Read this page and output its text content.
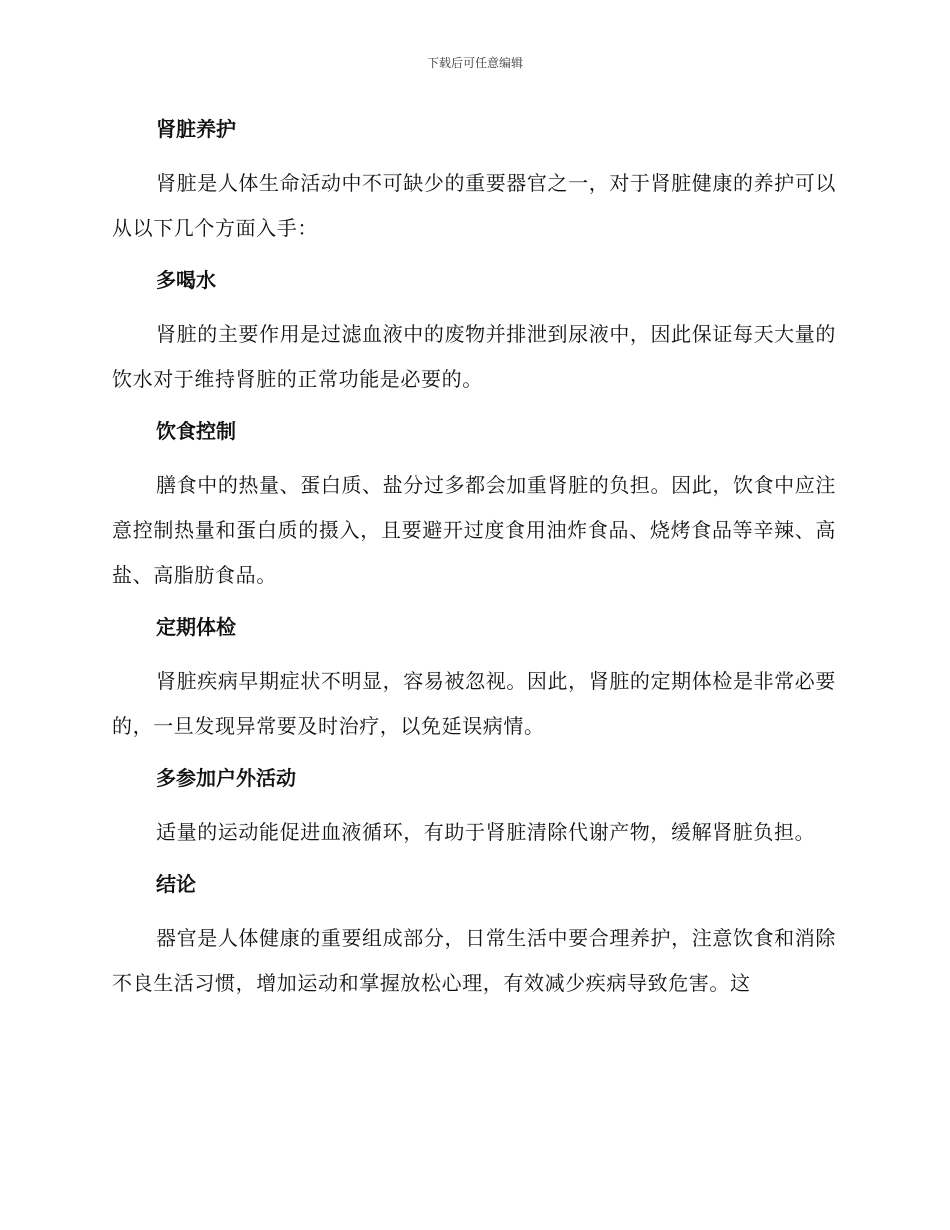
下载后可任意编辑
肾脏养护

肾脏是人体生命活动中不可缺少的重要器官之一，对于肾脏健康的养护可以从以下几个方面入手：

多喝水

肾脏的主要作用是过滤血液中的废物并排泄到尿液中，因此保证每天大量的饮水对于维持肾脏的正常功能是必要的。

饮食控制

膳食中的热量、蛋白质、盐分过多都会加重肾脏的负担。因此，饮食中应注意控制热量和蛋白质的摄入，且要避开过度食用油炸食品、烧烤食品等辛辣、高盐、高脂肪食品。

定期体检

肾脏疾病早期症状不明显，容易被忽视。因此，肾脏的定期体检是非常必要的，一旦发现异常要及时治疗，以免延误病情。

多参加户外活动

适量的运动能促进血液循环，有助于肾脏清除代谢产物，缓解肾脏负担。

结论

器官是人体健康的重要组成部分，日常生活中要合理养护，注意饮食和消除不良生活习惯，增加运动和掌握放松心理，有效减少疾病导致危害。这
